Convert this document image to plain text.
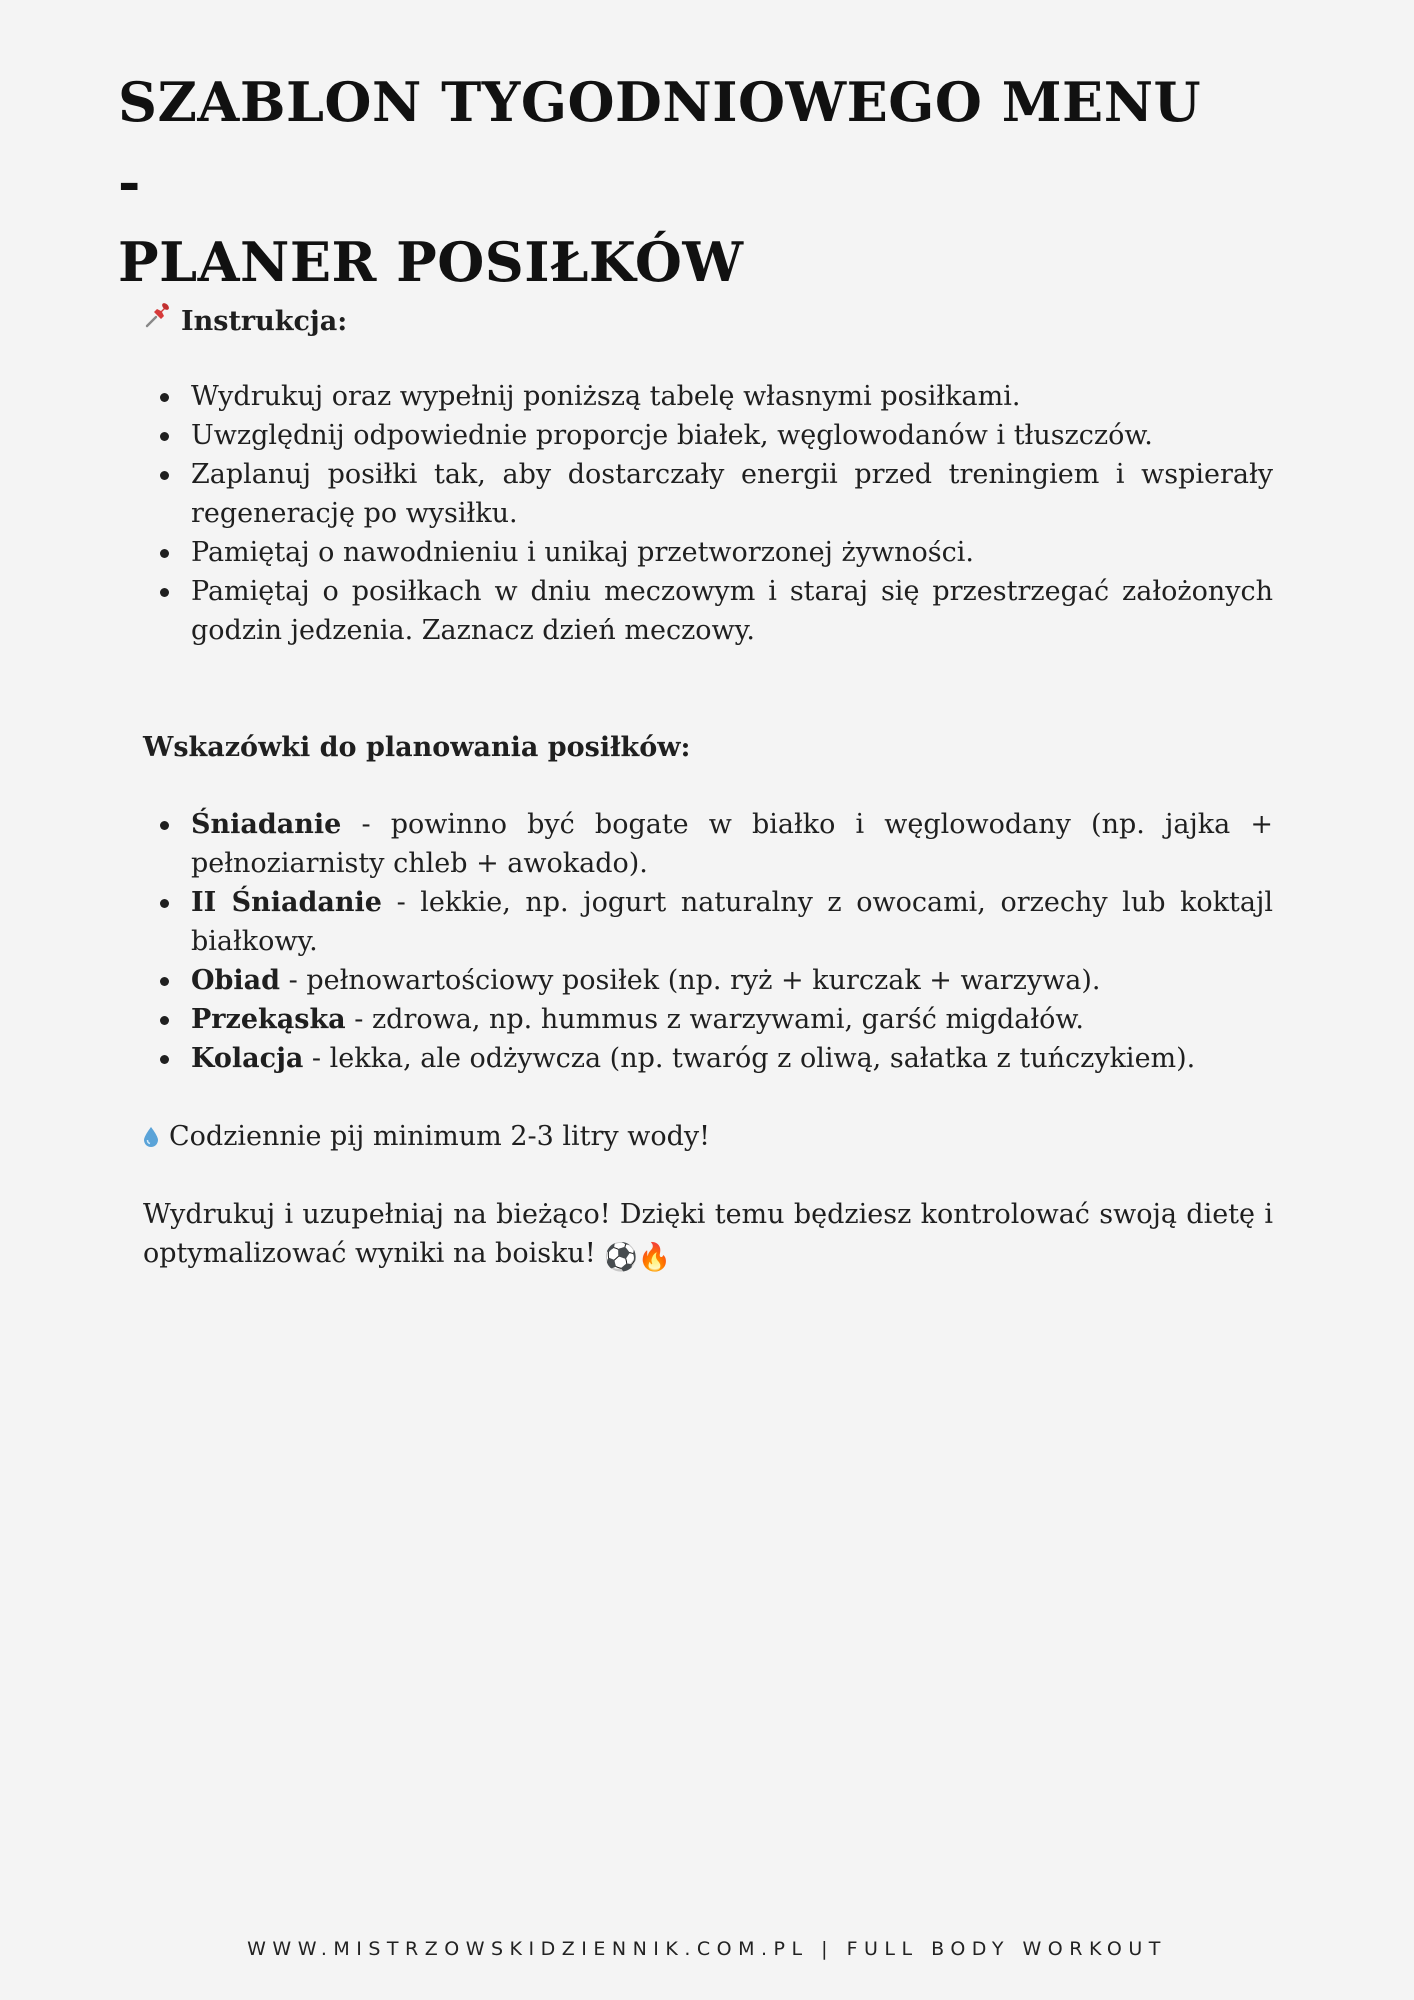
SZABLON TYGODNIOWEGO MENU -
PLANER POSIŁKÓW

Instrukcja:

Wydrukuj oraz wypełnij poniższą tabelę własnymi posiłkami.
Uwzględnij odpowiednie proporcje białek, węglowodanów i tłuszczów.
Zaplanuj posiłki tak, aby dostarczały energii przed treningiem i wspierały regenerację po wysiłku.
Pamiętaj o nawodnieniu i unikaj przetworzonej żywności.
Pamiętaj o posiłkach w dniu meczowym i staraj się przestrzegać założonych godzin jedzenia. Zaznacz dzień meczowy.

Wskazówki do planowania posiłków:

Śniadanie - powinno być bogate w białko i węglowodany (np. jajka + pełnoziarnisty chleb + awokado).
II Śniadanie - lekkie, np. jogurt naturalny z owocami, orzechy lub koktajl białkowy.
Obiad - pełnowartościowy posiłek (np. ryż + kurczak + warzywa).
Przekąska - zdrowa, np. hummus z warzywami, garść migdałów.
Kolacja - lekka, ale odżywcza (np. twaróg z oliwą, sałatka z tuńczykiem).

Codziennie pij minimum 2-3 litry wody!

Wydrukuj i uzupełniaj na bieżąco! Dzięki temu będziesz kontrolować swoją dietę i optymalizować wyniki na boisku! ⚽🔥

WWW.MISTRZOWSKIDZIENNIK.COM.PL | FULL BODY WORKOUT
